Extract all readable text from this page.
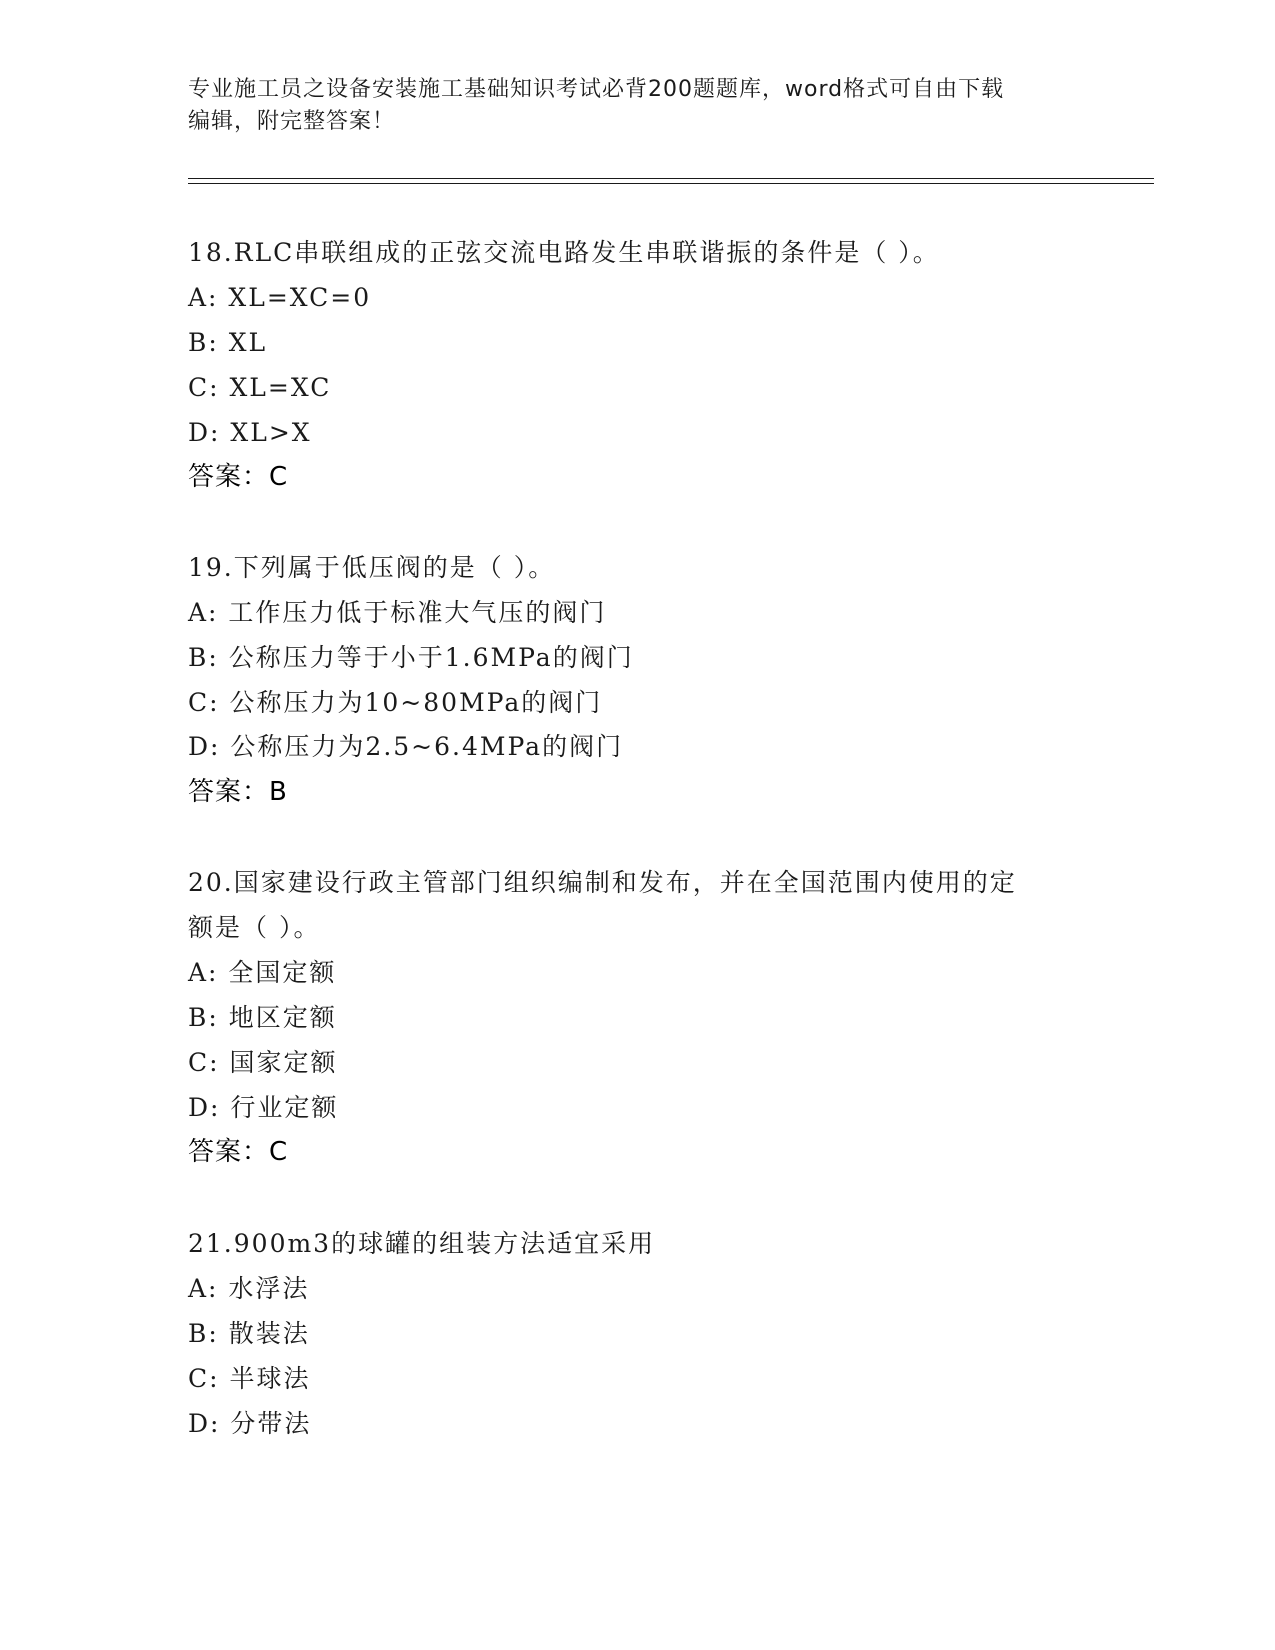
专业施工员之设备安装施工基础知识考试必背200题题库，word格式可自由下载
编辑，附完整答案！
18.RLC串联组成的正弦交流电路发生串联谐振的条件是（ ）。
A: XL=XC=0
B: XL
C: XL=XC
D: XL>X
答案：C
19.下列属于低压阀的是（ ）。
A: 工作压力低于标准大气压的阀门
B: 公称压力等于小于1.6MPa的阀门
C: 公称压力为10~80MPa的阀门
D: 公称压力为2.5~6.4MPa的阀门
答案：B
20.国家建设行政主管部门组织编制和发布，并在全国范围内使用的定
额是（ ）。
A: 全国定额
B: 地区定额
C: 国家定额
D: 行业定额
答案：C
21.900m3的球罐的组装方法适宜采用
A: 水浮法
B: 散装法
C: 半球法
D: 分带法
